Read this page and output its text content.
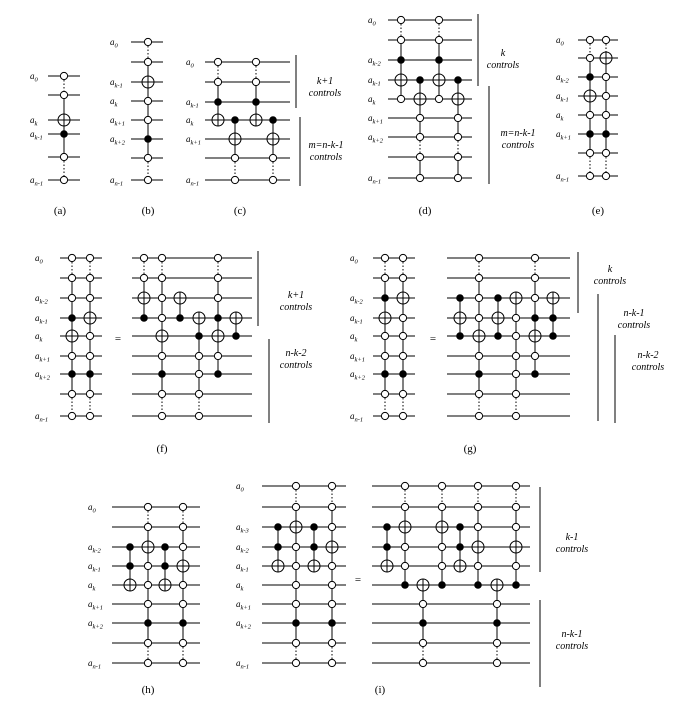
$a_0$
$a_k$
$a_{k-1}$
$a_{n-1}$
(a)
$a_0$
$a_{k-1}$
$a_k$
$a_{k+1}$
$a_{k+2}$
$a_{n-1}$
(b)
$a_0$
$a_{k-1}$
$a_k$
$a_{k+1}$
$a_{n-1}$
k+1
controls
m=n-k-1
controls
(c)
$a_0$
$a_{k-2}$
$a_{k-1}$
$a_k$
$a_{k+1}$
$a_{k+2}$
$a_{n-1}$
k
controls
m=n-k-1
controls
(d)
$a_0$
$a_{k-2}$
$a_{k-1}$
$a_k$
$a_{k+1}$
$a_{n-1}$
(e)
$a_0$
$a_{k-2}$
$a_{k-1}$
$a_k$
$a_{k+1}$
$a_{k+2}$
$a_{n-1}$
=
k+1
controls
n-k-2
controls
(f)
$a_0$
$a_{k-2}$
$a_{k-1}$
$a_k$
$a_{k+1}$
$a_{k+2}$
$a_{n-1}$
=
k
controls
n-k-1
controls
n-k-2
controls
(g)
$a_0$
$a_{k-2}$
$a_{k-1}$
$a_k$
$a_{k+1}$
$a_{k+2}$
$a_{n-1}$
(h)
$a_0$
$a_{k-3}$
$a_{k-2}$
$a_{k-1}$
$a_k$
$a_{k+1}$
$a_{k+2}$
$a_{n-1}$
=
k-1
controls
n-k-1
controls
(i)
